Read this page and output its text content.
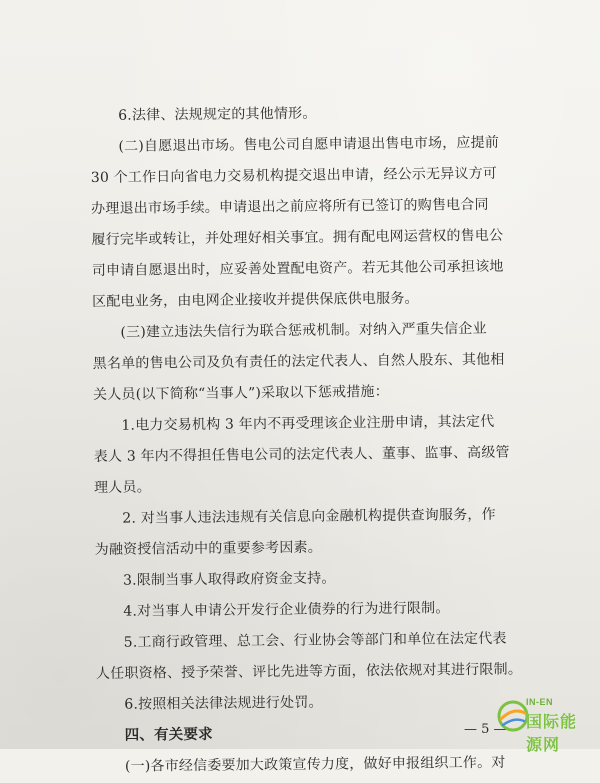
6.法律、法规规定的其他情形。
(二)自愿退出市场。售电公司自愿申请退出售电市场，应提前
30 个工作日向省电力交易机构提交退出申请，经公示无异议方可
办理退出市场手续。申请退出之前应将所有已签订的购售电合同
履行完毕或转让，并处理好相关事宜。拥有配电网运营权的售电公
司申请自愿退出时，应妥善处置配电资产。若无其他公司承担该地
区配电业务，由电网企业接收并提供保底供电服务。
(三)建立违法失信行为联合惩戒机制。对纳入严重失信企业
黑名单的售电公司及负有责任的法定代表人、自然人股东、其他相
关人员(以下简称“当事人”)采取以下惩戒措施：
1.电力交易机构 3 年内不再受理该企业注册申请，其法定代
表人 3 年内不得担任售电公司的法定代表人、董事、监事、高级管
理人员。
2. 对当事人违法违规有关信息向金融机构提供查询服务，作
为融资授信活动中的重要参考因素。
3.限制当事人取得政府资金支持。
4.对当事人申请公开发行企业债券的行为进行限制。
5.工商行政管理、总工会、行业协会等部门和单位在法定代表
人任职资格、授予荣誉、评比先进等方面，依法依规对其进行限制。
6.按照相关法律法规进行处罚。
四、有关要求
(一)各市经信委要加大政策宣传力度，做好申报组织工作。对
— 5 —
IN-EN
国际能源网
